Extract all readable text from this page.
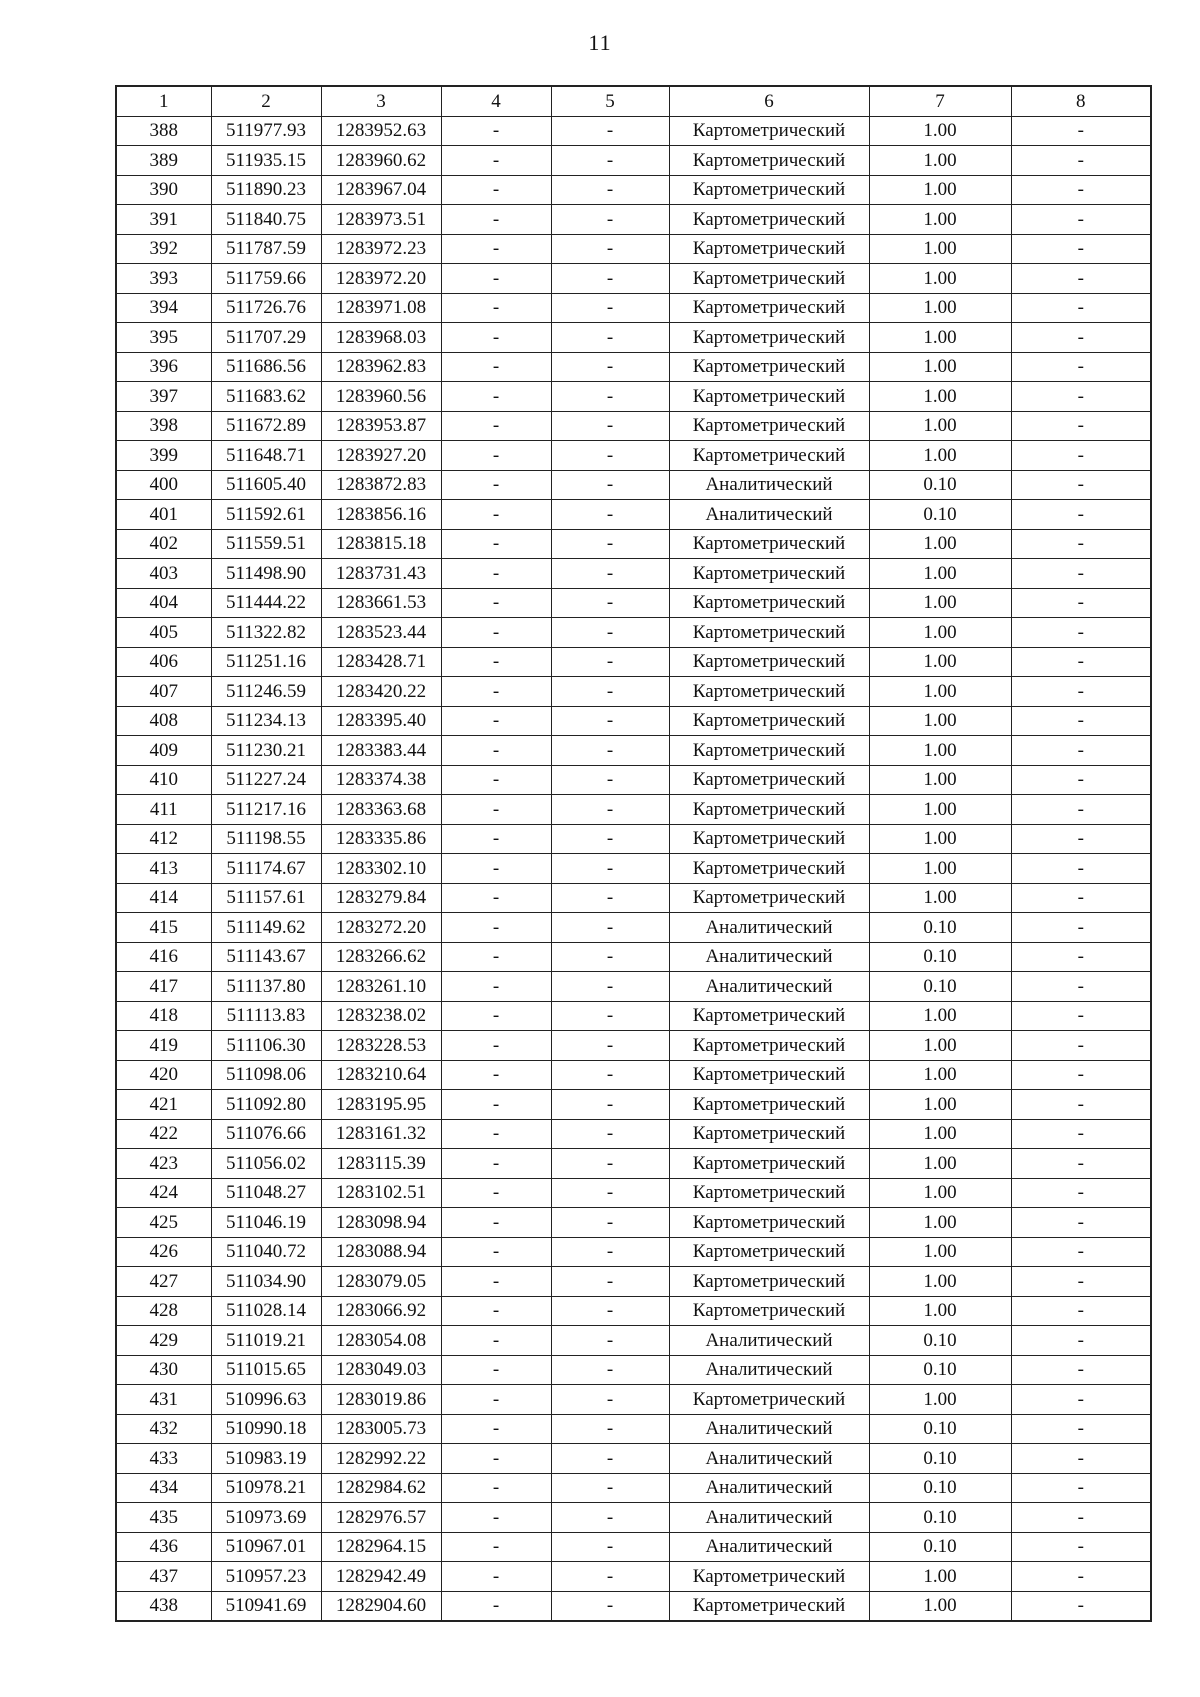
11
1	2	3	4	5	6	7	8
388	511977.93	1283952.63	-	-	Картометрический	1.00	-
389	511935.15	1283960.62	-	-	Картометрический	1.00	-
390	511890.23	1283967.04	-	-	Картометрический	1.00	-
391	511840.75	1283973.51	-	-	Картометрический	1.00	-
392	511787.59	1283972.23	-	-	Картометрический	1.00	-
393	511759.66	1283972.20	-	-	Картометрический	1.00	-
394	511726.76	1283971.08	-	-	Картометрический	1.00	-
395	511707.29	1283968.03	-	-	Картометрический	1.00	-
396	511686.56	1283962.83	-	-	Картометрический	1.00	-
397	511683.62	1283960.56	-	-	Картометрический	1.00	-
398	511672.89	1283953.87	-	-	Картометрический	1.00	-
399	511648.71	1283927.20	-	-	Картометрический	1.00	-
400	511605.40	1283872.83	-	-	Аналитический	0.10	-
401	511592.61	1283856.16	-	-	Аналитический	0.10	-
402	511559.51	1283815.18	-	-	Картометрический	1.00	-
403	511498.90	1283731.43	-	-	Картометрический	1.00	-
404	511444.22	1283661.53	-	-	Картометрический	1.00	-
405	511322.82	1283523.44	-	-	Картометрический	1.00	-
406	511251.16	1283428.71	-	-	Картометрический	1.00	-
407	511246.59	1283420.22	-	-	Картометрический	1.00	-
408	511234.13	1283395.40	-	-	Картометрический	1.00	-
409	511230.21	1283383.44	-	-	Картометрический	1.00	-
410	511227.24	1283374.38	-	-	Картометрический	1.00	-
411	511217.16	1283363.68	-	-	Картометрический	1.00	-
412	511198.55	1283335.86	-	-	Картометрический	1.00	-
413	511174.67	1283302.10	-	-	Картометрический	1.00	-
414	511157.61	1283279.84	-	-	Картометрический	1.00	-
415	511149.62	1283272.20	-	-	Аналитический	0.10	-
416	511143.67	1283266.62	-	-	Аналитический	0.10	-
417	511137.80	1283261.10	-	-	Аналитический	0.10	-
418	511113.83	1283238.02	-	-	Картометрический	1.00	-
419	511106.30	1283228.53	-	-	Картометрический	1.00	-
420	511098.06	1283210.64	-	-	Картометрический	1.00	-
421	511092.80	1283195.95	-	-	Картометрический	1.00	-
422	511076.66	1283161.32	-	-	Картометрический	1.00	-
423	511056.02	1283115.39	-	-	Картометрический	1.00	-
424	511048.27	1283102.51	-	-	Картометрический	1.00	-
425	511046.19	1283098.94	-	-	Картометрический	1.00	-
426	511040.72	1283088.94	-	-	Картометрический	1.00	-
427	511034.90	1283079.05	-	-	Картометрический	1.00	-
428	511028.14	1283066.92	-	-	Картометрический	1.00	-
429	511019.21	1283054.08	-	-	Аналитический	0.10	-
430	511015.65	1283049.03	-	-	Аналитический	0.10	-
431	510996.63	1283019.86	-	-	Картометрический	1.00	-
432	510990.18	1283005.73	-	-	Аналитический	0.10	-
433	510983.19	1282992.22	-	-	Аналитический	0.10	-
434	510978.21	1282984.62	-	-	Аналитический	0.10	-
435	510973.69	1282976.57	-	-	Аналитический	0.10	-
436	510967.01	1282964.15	-	-	Аналитический	0.10	-
437	510957.23	1282942.49	-	-	Картометрический	1.00	-
438	510941.69	1282904.60	-	-	Картометрический	1.00	-
